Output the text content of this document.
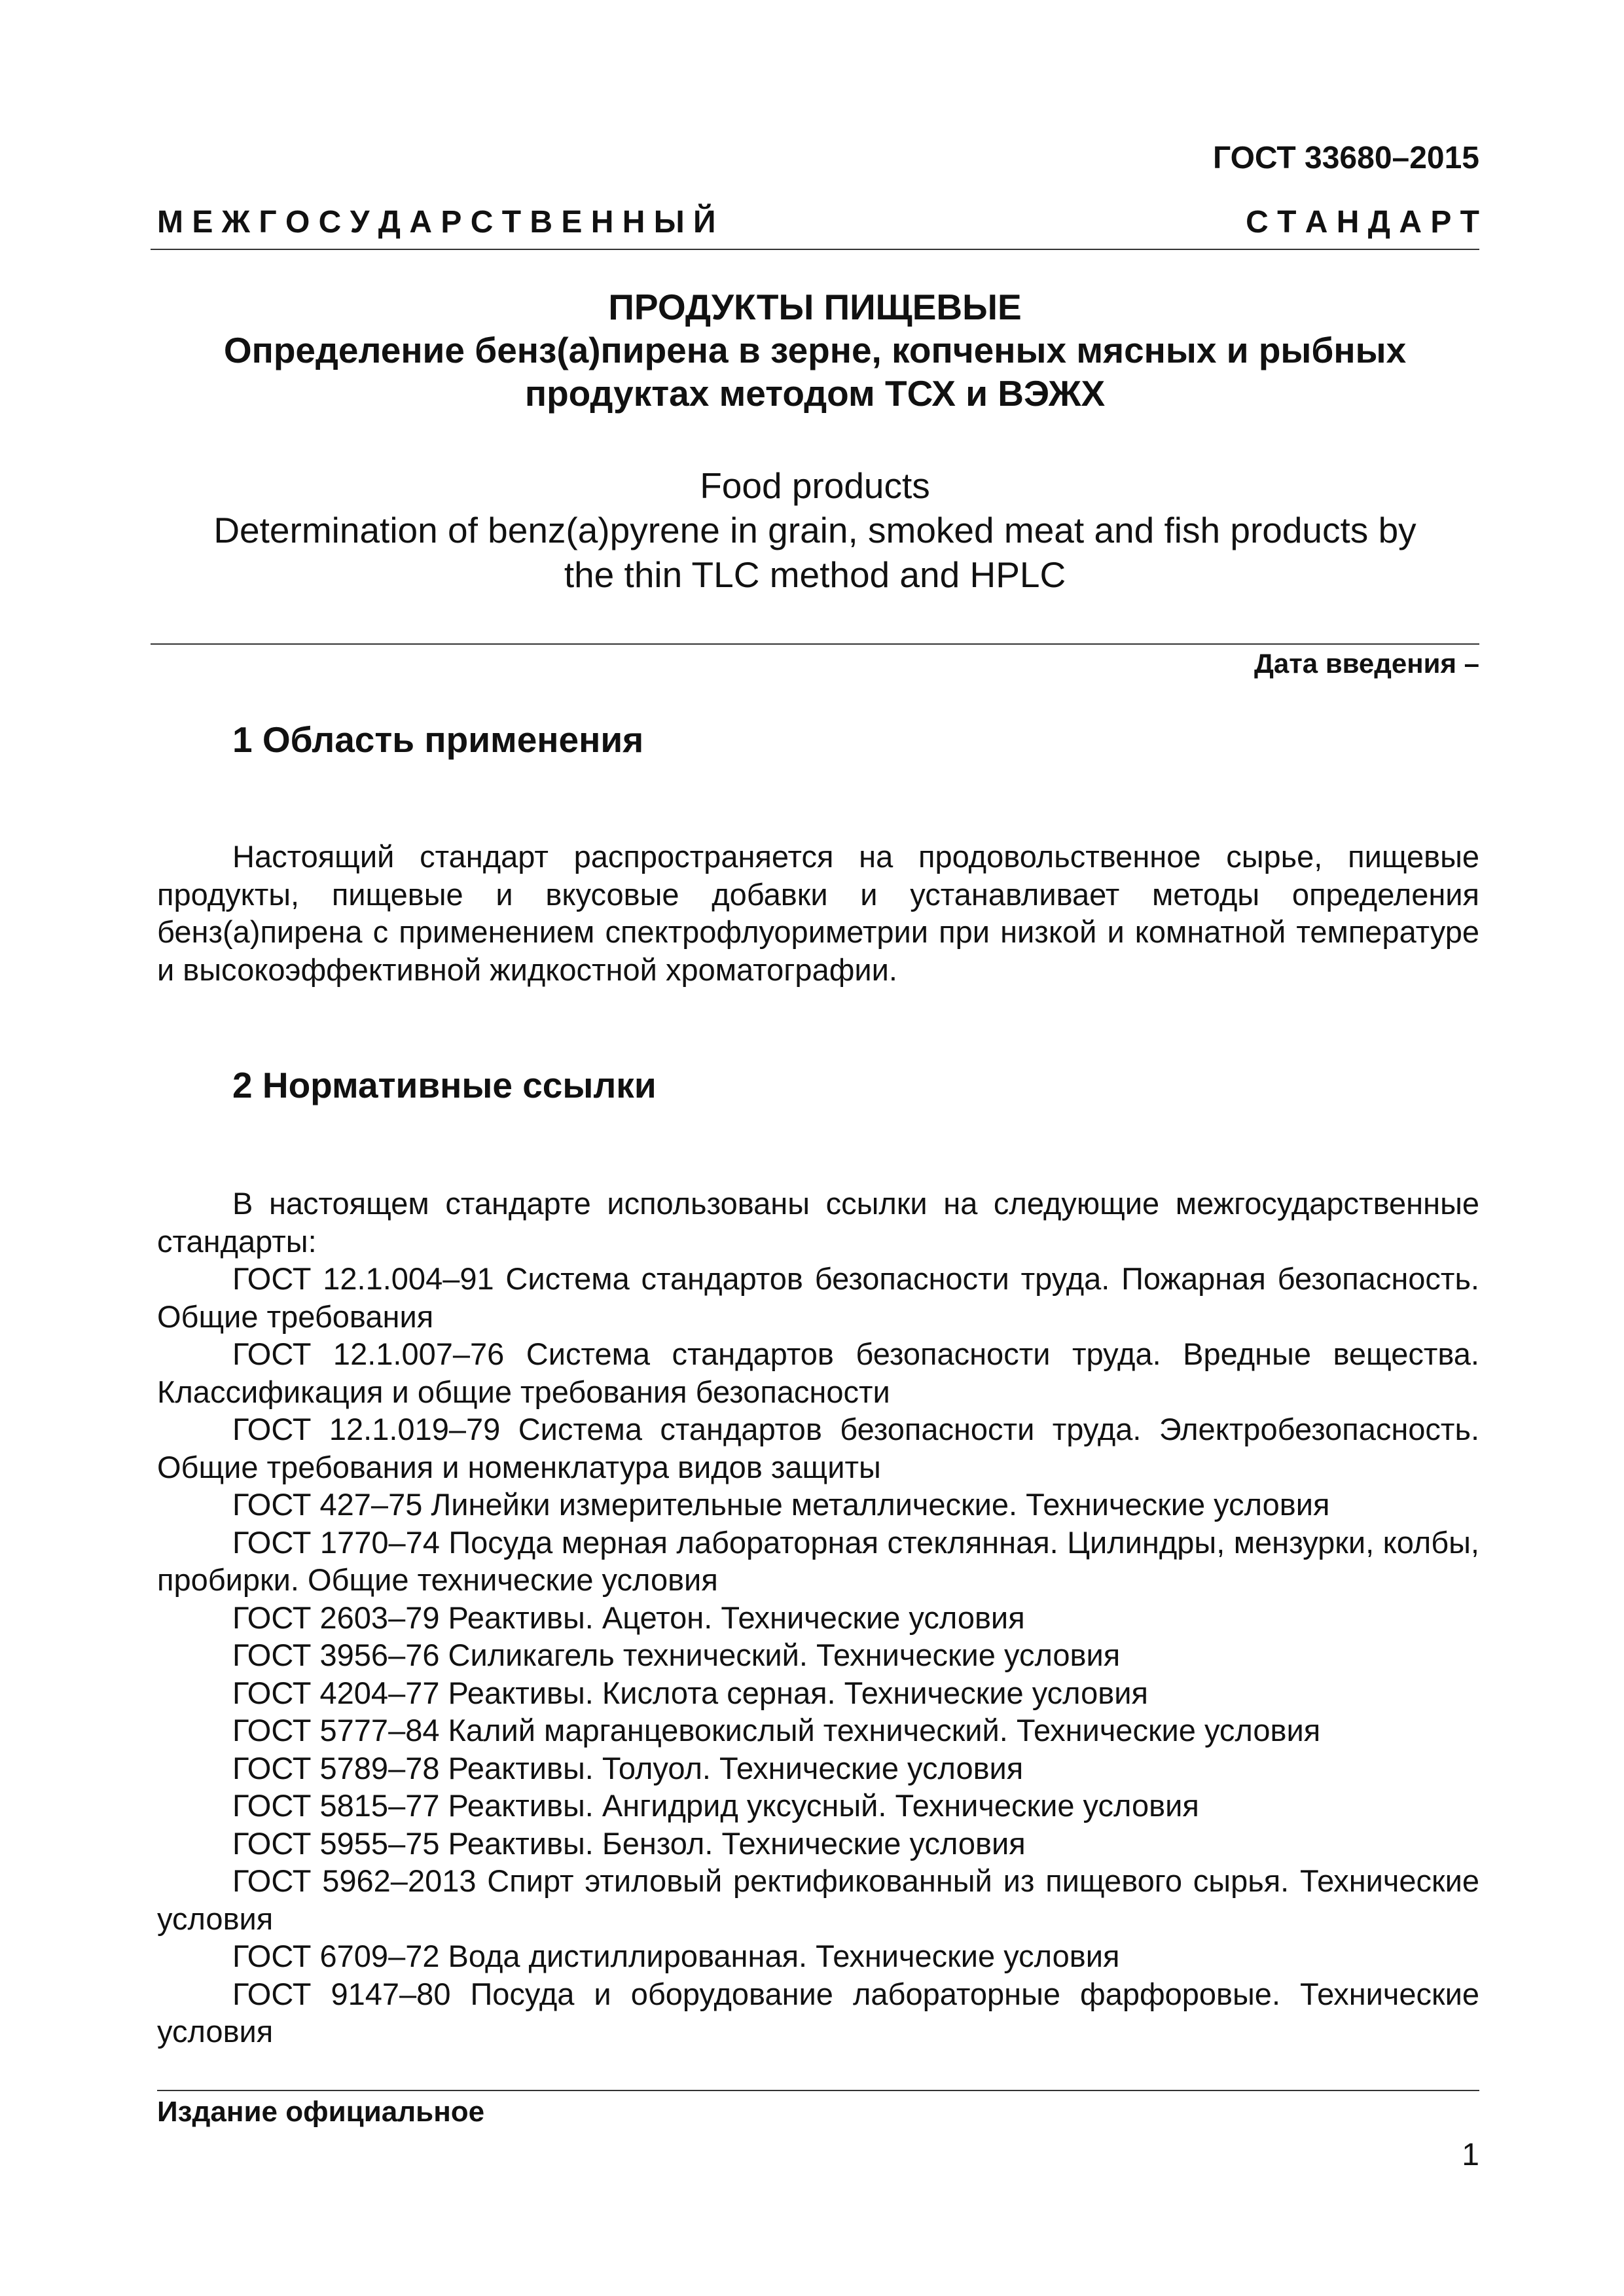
ГОСТ 33680–2015
М Е Ж Г О С У Д А Р С Т В Е Н Н Ы Й	С Т А Н Д А Р Т
ПРОДУКТЫ ПИЩЕВЫЕ
Определение бенз(а)пирена в зерне, копченых мясных и рыбных
продуктах методом ТСХ и ВЭЖХ
Food products
Determination of benz(a)pyrene in grain, smoked meat and fish products by
the thin TLC method and HPLC
Дата введения –
1 Область применения

Настоящий стандарт распространяется на продовольственное сырье, пищевые продукты, пищевые и вкусовые добавки и устанавливает методы определения бенз(а)пирена с применением спектрофлуориметрии при низкой и комнатной температуре и высокоэффективной жидкостной хроматографии.

2 Нормативные ссылки

В настоящем стандарте использованы ссылки на следующие межгосударственные стандарты:

ГОСТ 12.1.004–91 Система стандартов безопасности труда. Пожарная безопасность. Общие требования

ГОСТ 12.1.007–76 Система стандартов безопасности труда. Вредные вещества. Классификация и общие требования безопасности

ГОСТ 12.1.019–79 Система стандартов безопасности труда. Электробезопасность. Общие требования и номенклатура видов защиты

ГОСТ 427–75 Линейки измерительные металлические. Технические условия

ГОСТ 1770–74 Посуда мерная лабораторная стеклянная. Цилиндры, мензурки, колбы, пробирки. Общие технические условия

ГОСТ 2603–79 Реактивы. Ацетон. Технические условия

ГОСТ 3956–76 Силикагель технический. Технические условия

ГОСТ 4204–77 Реактивы. Кислота серная. Технические условия

ГОСТ 5777–84 Калий марганцевокислый технический. Технические условия

ГОСТ 5789–78 Реактивы. Толуол. Технические условия

ГОСТ 5815–77 Реактивы. Ангидрид уксусный. Технические условия

ГОСТ 5955–75 Реактивы. Бензол. Технические условия

ГОСТ 5962–2013 Спирт этиловый ректификованный из пищевого сырья. Технические условия

ГОСТ 6709–72 Вода дистиллированная. Технические условия

ГОСТ 9147–80 Посуда и оборудование лабораторные фарфоровые. Технические условия

Издание официальное
1
